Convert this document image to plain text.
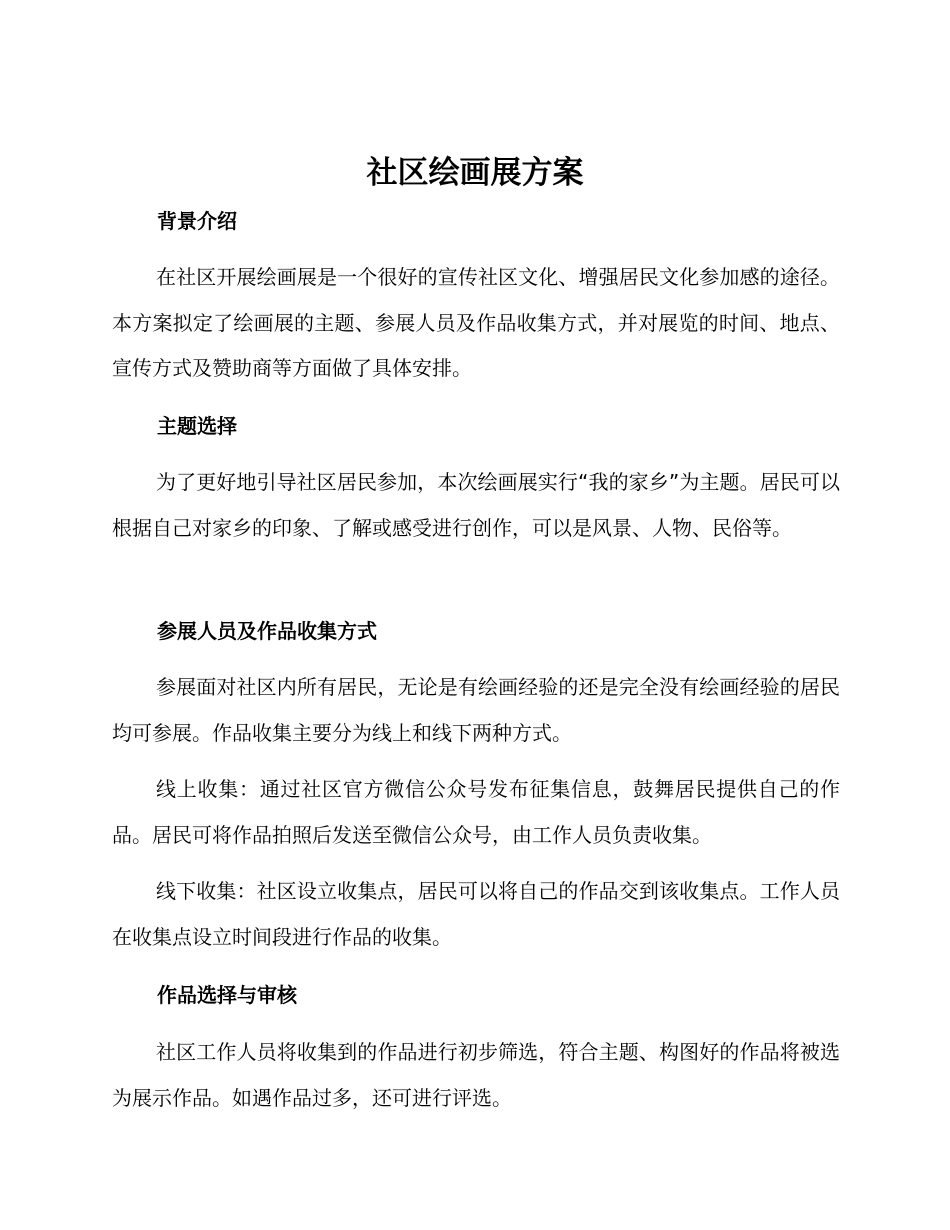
社区绘画展方案
背景介绍

在社区开展绘画展是一个很好的宣传社区文化、增强居民文化参加感的途径。本方案拟定了绘画展的主题、参展人员及作品收集方式，并对展览的时间、地点、宣传方式及赞助商等方面做了具体安排。

主题选择

为了更好地引导社区居民参加，本次绘画展实行“我的家乡”为主题。居民可以根据自己对家乡的印象、了解或感受进行创作，可以是风景、人物、民俗等。

参展人员及作品收集方式

参展面对社区内所有居民，无论是有绘画经验的还是完全没有绘画经验的居民均可参展。作品收集主要分为线上和线下两种方式。

线上收集：通过社区官方微信公众号发布征集信息，鼓舞居民提供自己的作品。居民可将作品拍照后发送至微信公众号，由工作人员负责收集。

线下收集：社区设立收集点，居民可以将自己的作品交到该收集点。工作人员在收集点设立时间段进行作品的收集。

作品选择与审核

社区工作人员将收集到的作品进行初步筛选，符合主题、构图好的作品将被选为展示作品。如遇作品过多，还可进行评选。
